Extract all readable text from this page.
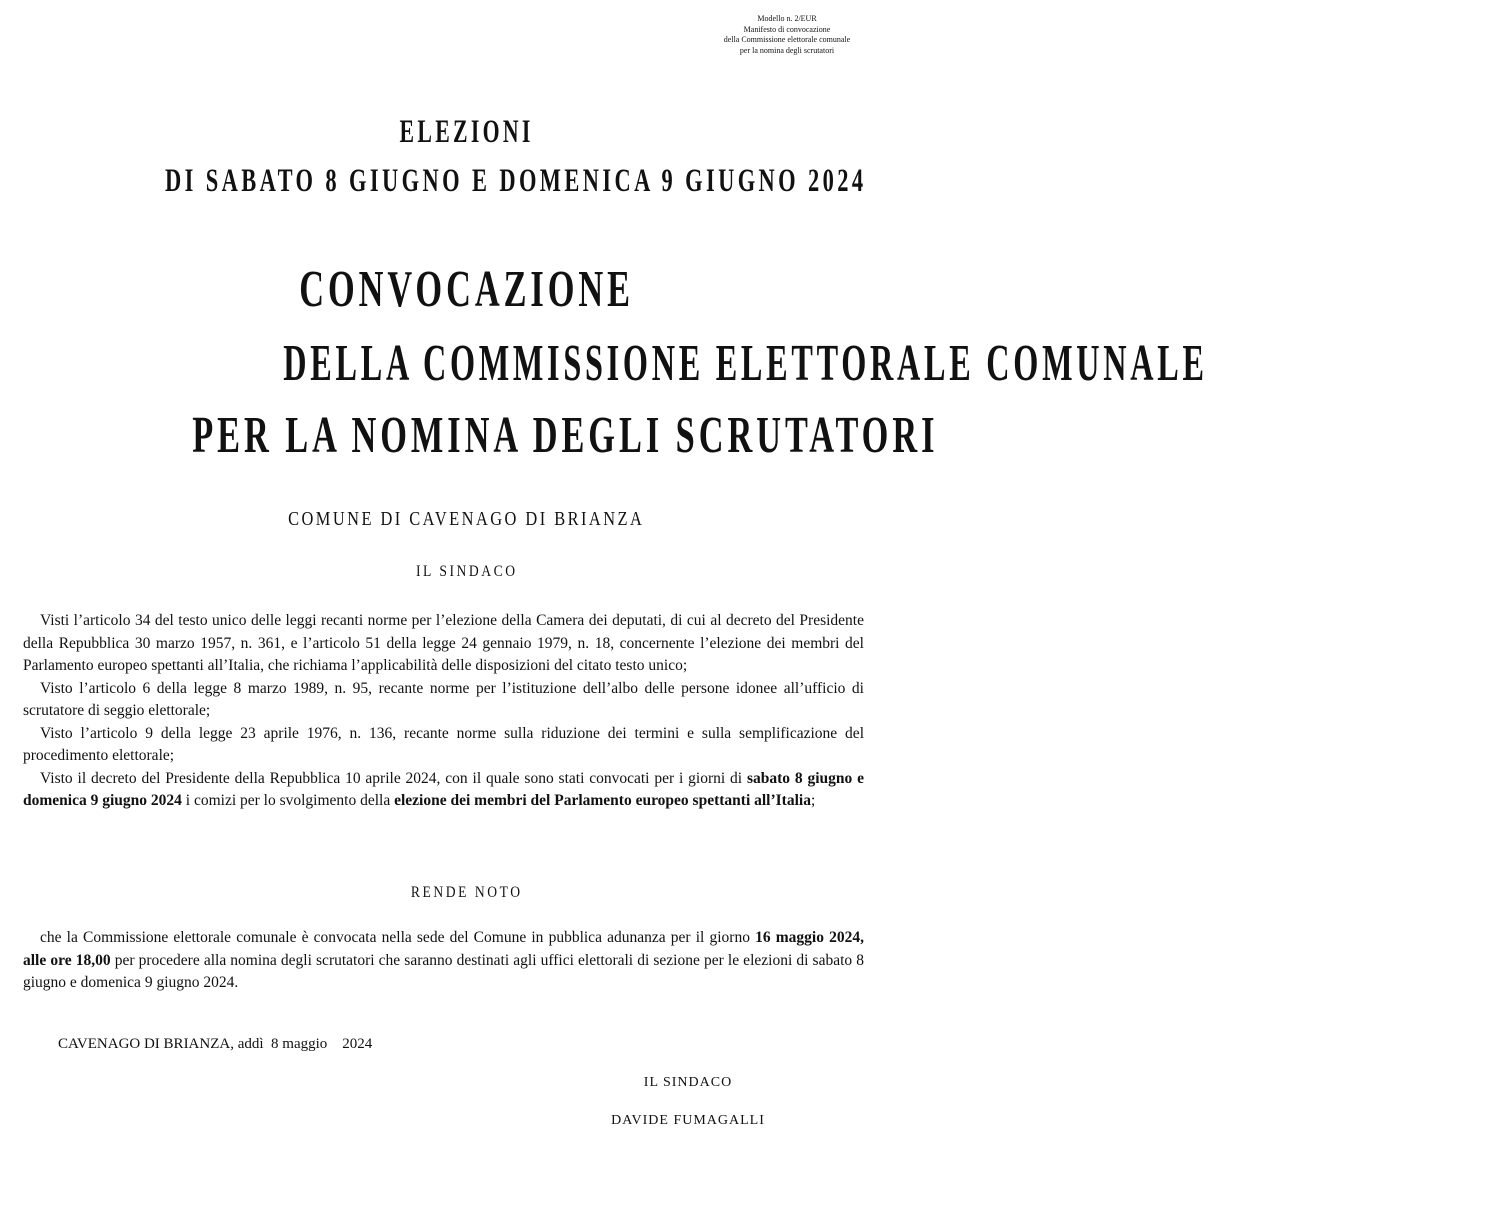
Modello n. 2/EUR
Manifesto di convocazione
della Commissione elettorale comunale
per la nomina degli scrutatori
ELEZIONI
DI SABATO 8 GIUGNO E DOMENICA 9 GIUGNO 2024
CONVOCAZIONE
DELLA COMMISSIONE ELETTORALE COMUNALE
PER LA NOMINA DEGLI SCRUTATORI
COMUNE DI CAVENAGO DI BRIANZA
IL SINDACO

Visti l’articolo 34 del testo unico delle leggi recanti norme per l’elezione della Camera dei deputati, di cui al decreto del Presidente della Repubblica 30 marzo 1957, n. 361, e l’articolo 51 della legge 24 gennaio 1979, n. 18, concernente l’elezione dei membri del Parlamento europeo spettanti all’Italia, che richiama l’applicabilità delle disposizioni del citato testo unico;

Visto l’articolo 6 della legge 8 marzo 1989, n. 95, recante norme per l’istituzione dell’albo delle persone idonee all’ufficio di scrutatore di seggio elettorale;

Visto l’articolo 9 della legge 23 aprile 1976, n. 136, recante norme sulla riduzione dei termini e sulla semplificazione del procedimento elettorale;

Visto il decreto del Presidente della Repubblica 10 aprile 2024, con il quale sono stati convocati per i giorni di sabato 8 giugno e domenica 9 giugno 2024 i comizi per lo svolgimento della elezione dei membri del Parlamento europeo spettanti all’Italia;

RENDE NOTO

che la Commissione elettorale comunale è convocata nella sede del Comune in pubblica adunanza per il giorno 16 maggio 2024, alle ore 18,00 per procedere alla nomina degli scrutatori che saranno destinati agli uffici elettorali di sezione per le elezioni di sabato 8 giugno e domenica 9 giugno 2024.

CAVENAGO DI BRIANZA, addì  8 maggio    2024
IL SINDACO
DAVIDE FUMAGALLI
